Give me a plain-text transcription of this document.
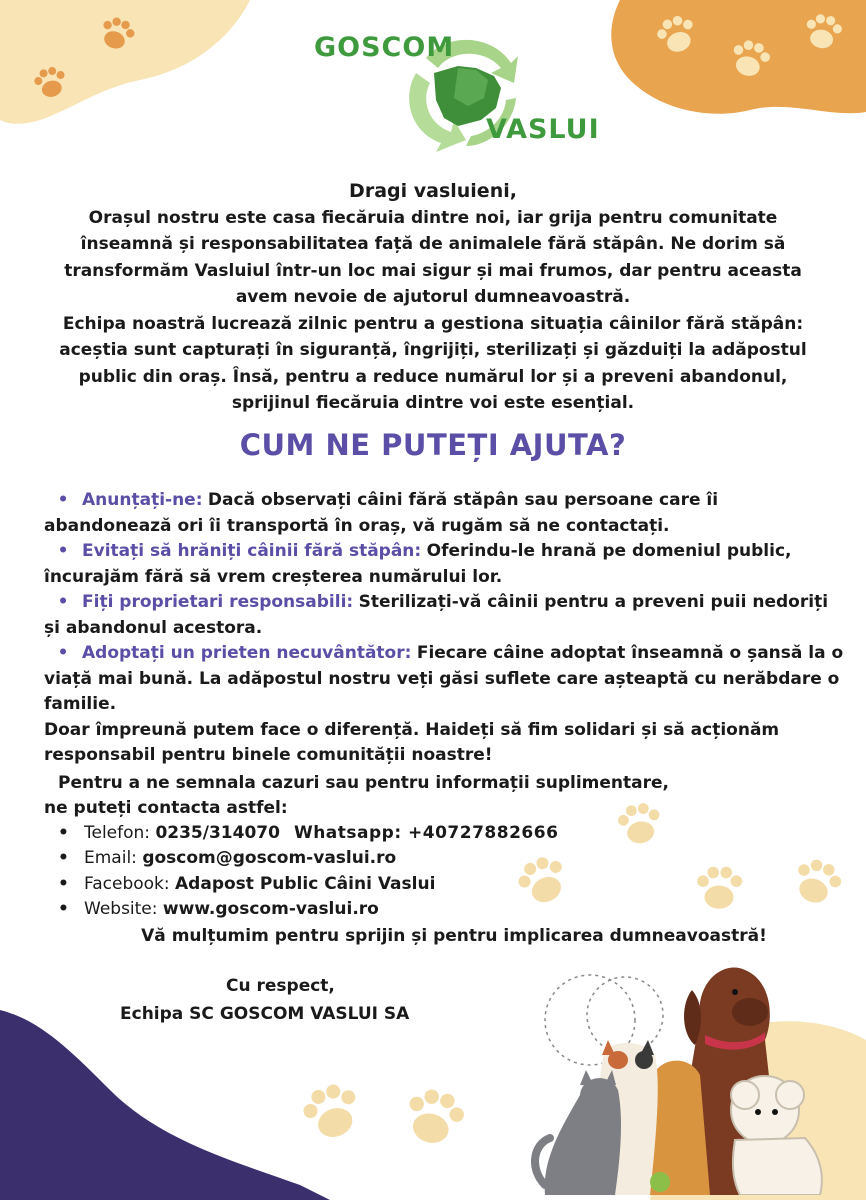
GOSCOM
VASLUI
Dragi vasluieni,
Orașul nostru este casa fiecăruia dintre noi, iar grija pentru comunitate înseamnă și responsabilitatea față de animalele fără stăpân. Ne dorim să transformăm Vasluiul într-un loc mai sigur și mai frumos, dar pentru aceasta avem nevoie de ajutorul dumneavoastră.
Echipa noastră lucrează zilnic pentru a gestiona situația câinilor fără stăpân: aceștia sunt capturați în siguranță, îngrijiți, sterilizați și găzduiți la adăpostul public din oraș. Însă, pentru a reduce numărul lor și a preveni abandonul, sprijinul fiecăruia dintre voi este esențial.
CUM NE PUTEȚI AJUTA?
• Anunțați-ne: Dacă observați câini fără stăpân sau persoane care îi abandonează ori îi transportă în oraș, vă rugăm să ne contactați.
• Evitați să hrăniți câinii fără stăpân: Oferindu-le hrană pe domeniul public, încurajăm fără să vrem creșterea numărului lor.
• Fiți proprietari responsabili: Sterilizați-vă câinii pentru a preveni puii nedoriți și abandonul acestora.
• Adoptați un prieten necuvântător: Fiecare câine adoptat înseamnă o șansă la o viață mai bună. La adăpostul nostru veți găsi suflete care așteaptă cu nerăbdare o familie.
Doar împreună putem face o diferență. Haideți să fim solidari și să acționăm responsabil pentru binele comunității noastre!
Pentru a ne semnala cazuri sau pentru informații suplimentare,
ne puteți contacta astfel:
• Telefon: 0235/314070 Whatsapp: +40727882666
• Email: goscom@goscom-vaslui.ro
• Facebook: Adapost Public Câini Vaslui
• Website: www.goscom-vaslui.ro
Vă mulțumim pentru sprijin și pentru implicarea dumneavoastră!
Cu respect,
Echipa SC GOSCOM VASLUI SA
